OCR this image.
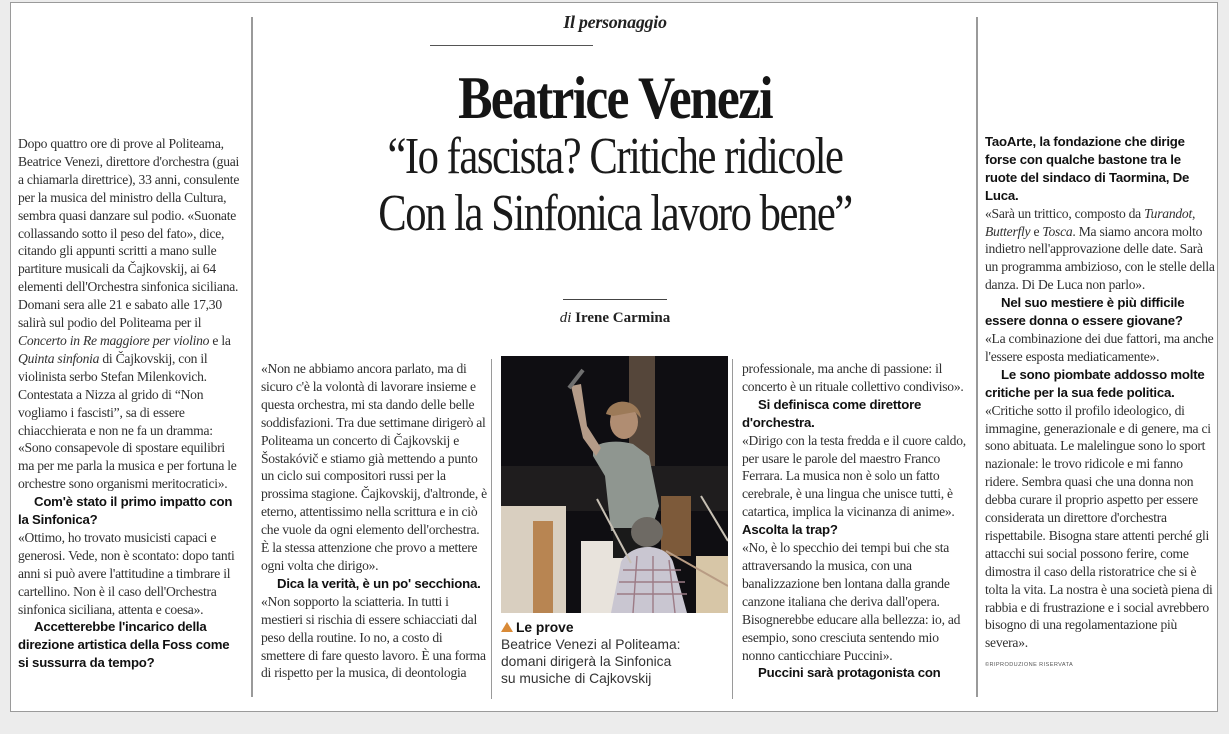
Il personaggio
Beatrice Venezi
“Io fascista? Critiche ridicole
Con la Sinfonica lavoro bene”
di Irene Carmina

Dopo quattro ore di prove al Politeama, Beatrice Venezi, direttore d'orchestra (guai a chiamarla direttrice), 33 anni, consulente per la musica del ministro della Cultura, sembra quasi danzare sul podio. «Suonate collassando sotto il peso del fato», dice, citando gli appunti scritti a mano sulle partiture musicali da Čajkovskij, ai 64 elementi dell'Orchestra sinfonica siciliana. Domani sera alle 21 e sabato alle 17,30 salirà sul podio del Politeama per il Concerto in Re maggiore per violino e la Quinta sinfonia di Čajkovskij, con il violinista serbo Stefan Milenkovich. Contestata a Nizza al grido di “Non vogliamo i fascisti”, sa di essere chiacchierata e non ne fa un dramma: «Sono consapevole di spostare equilibri ma per me parla la musica e per fortuna le orchestre sono organismi meritocratici».

Com'è stato il primo impatto con la Sinfonica?

«Ottimo, ho trovato musicisti capaci e generosi. Vede, non è scontato: dopo tanti anni si può avere l'attitudine a timbrare il cartellino. Non è il caso dell'Orchestra sinfonica siciliana, attenta e coesa».

Accetterebbe l'incarico della direzione artistica della Foss come si sussurra da tempo?

«Non ne abbiamo ancora parlato, ma di sicuro c'è la volontà di lavorare insieme e questa orchestra, mi sta dando delle belle soddisfazioni. Tra due settimane dirigerò al Politeama un concerto di Čajkovskij e Šostakóvič e stiamo già mettendo a punto un ciclo sui compositori russi per la prossima stagione. Čajkovskij, d'altronde, è eterno, attentissimo nella scrittura e in ciò che vuole da ogni elemento dell'orchestra. È la stessa attenzione che provo a mettere ogni volta che dirigo».

Dica la verità, è un po' secchiona.

«Non sopporto la sciatteria. In tutti i mestieri si rischia di essere schiacciati dal peso della routine. Io no, a costo di smettere di fare questo lavoro. È una forma di rispetto per la musica, di deontologia

Le prove
Beatrice Venezi al Politeama:
domani dirigerà la Sinfonica
su musiche di Cajkovskij

professionale, ma anche di passione: il concerto è un rituale collettivo condiviso».

Si definisca come direttore d'orchestra.

«Dirigo con la testa fredda e il cuore caldo, per usare le parole del maestro Franco Ferrara. La musica non è solo un fatto cerebrale, è una lingua che unisce tutti, è catartica, implica la vicinanza di anime».

Ascolta la trap?

«No, è lo specchio dei tempi bui che sta attraversando la musica, con una banalizzazione ben lontana dalla grande canzone italiana che deriva dall'opera. Bisognerebbe educare alla bellezza: io, ad esempio, sono cresciuta sentendo mio nonno canticchiare Puccini».

Puccini sarà protagonista con

TaoArte, la fondazione che dirige forse con qualche bastone tra le ruote del sindaco di Taormina, De Luca.

«Sarà un trittico, composto da Turandot, Butterfly e Tosca. Ma siamo ancora molto indietro nell'approvazione delle date. Sarà un programma ambizioso, con le stelle della danza. Di De Luca non parlo».

Nel suo mestiere è più difficile essere donna o essere giovane?

«La combinazione dei due fattori, ma anche l'essere esposta mediaticamente».

Le sono piombate addosso molte critiche per la sua fede politica.

«Critiche sotto il profilo ideologico, di immagine, generazionale e di genere, ma ci sono abituata. Le malelingue sono lo sport nazionale: le trovo ridicole e mi fanno ridere. Sembra quasi che una donna non debba curare il proprio aspetto per essere considerata un direttore d'orchestra rispettabile. Bisogna stare attenti perché gli attacchi sui social possono ferire, come dimostra il caso della ristoratrice che si è tolta la vita. La nostra è una società piena di rabbia e di frustrazione e i social avrebbero bisogno di una regolamentazione più severa».

©RIPRODUZIONE RISERVATA
